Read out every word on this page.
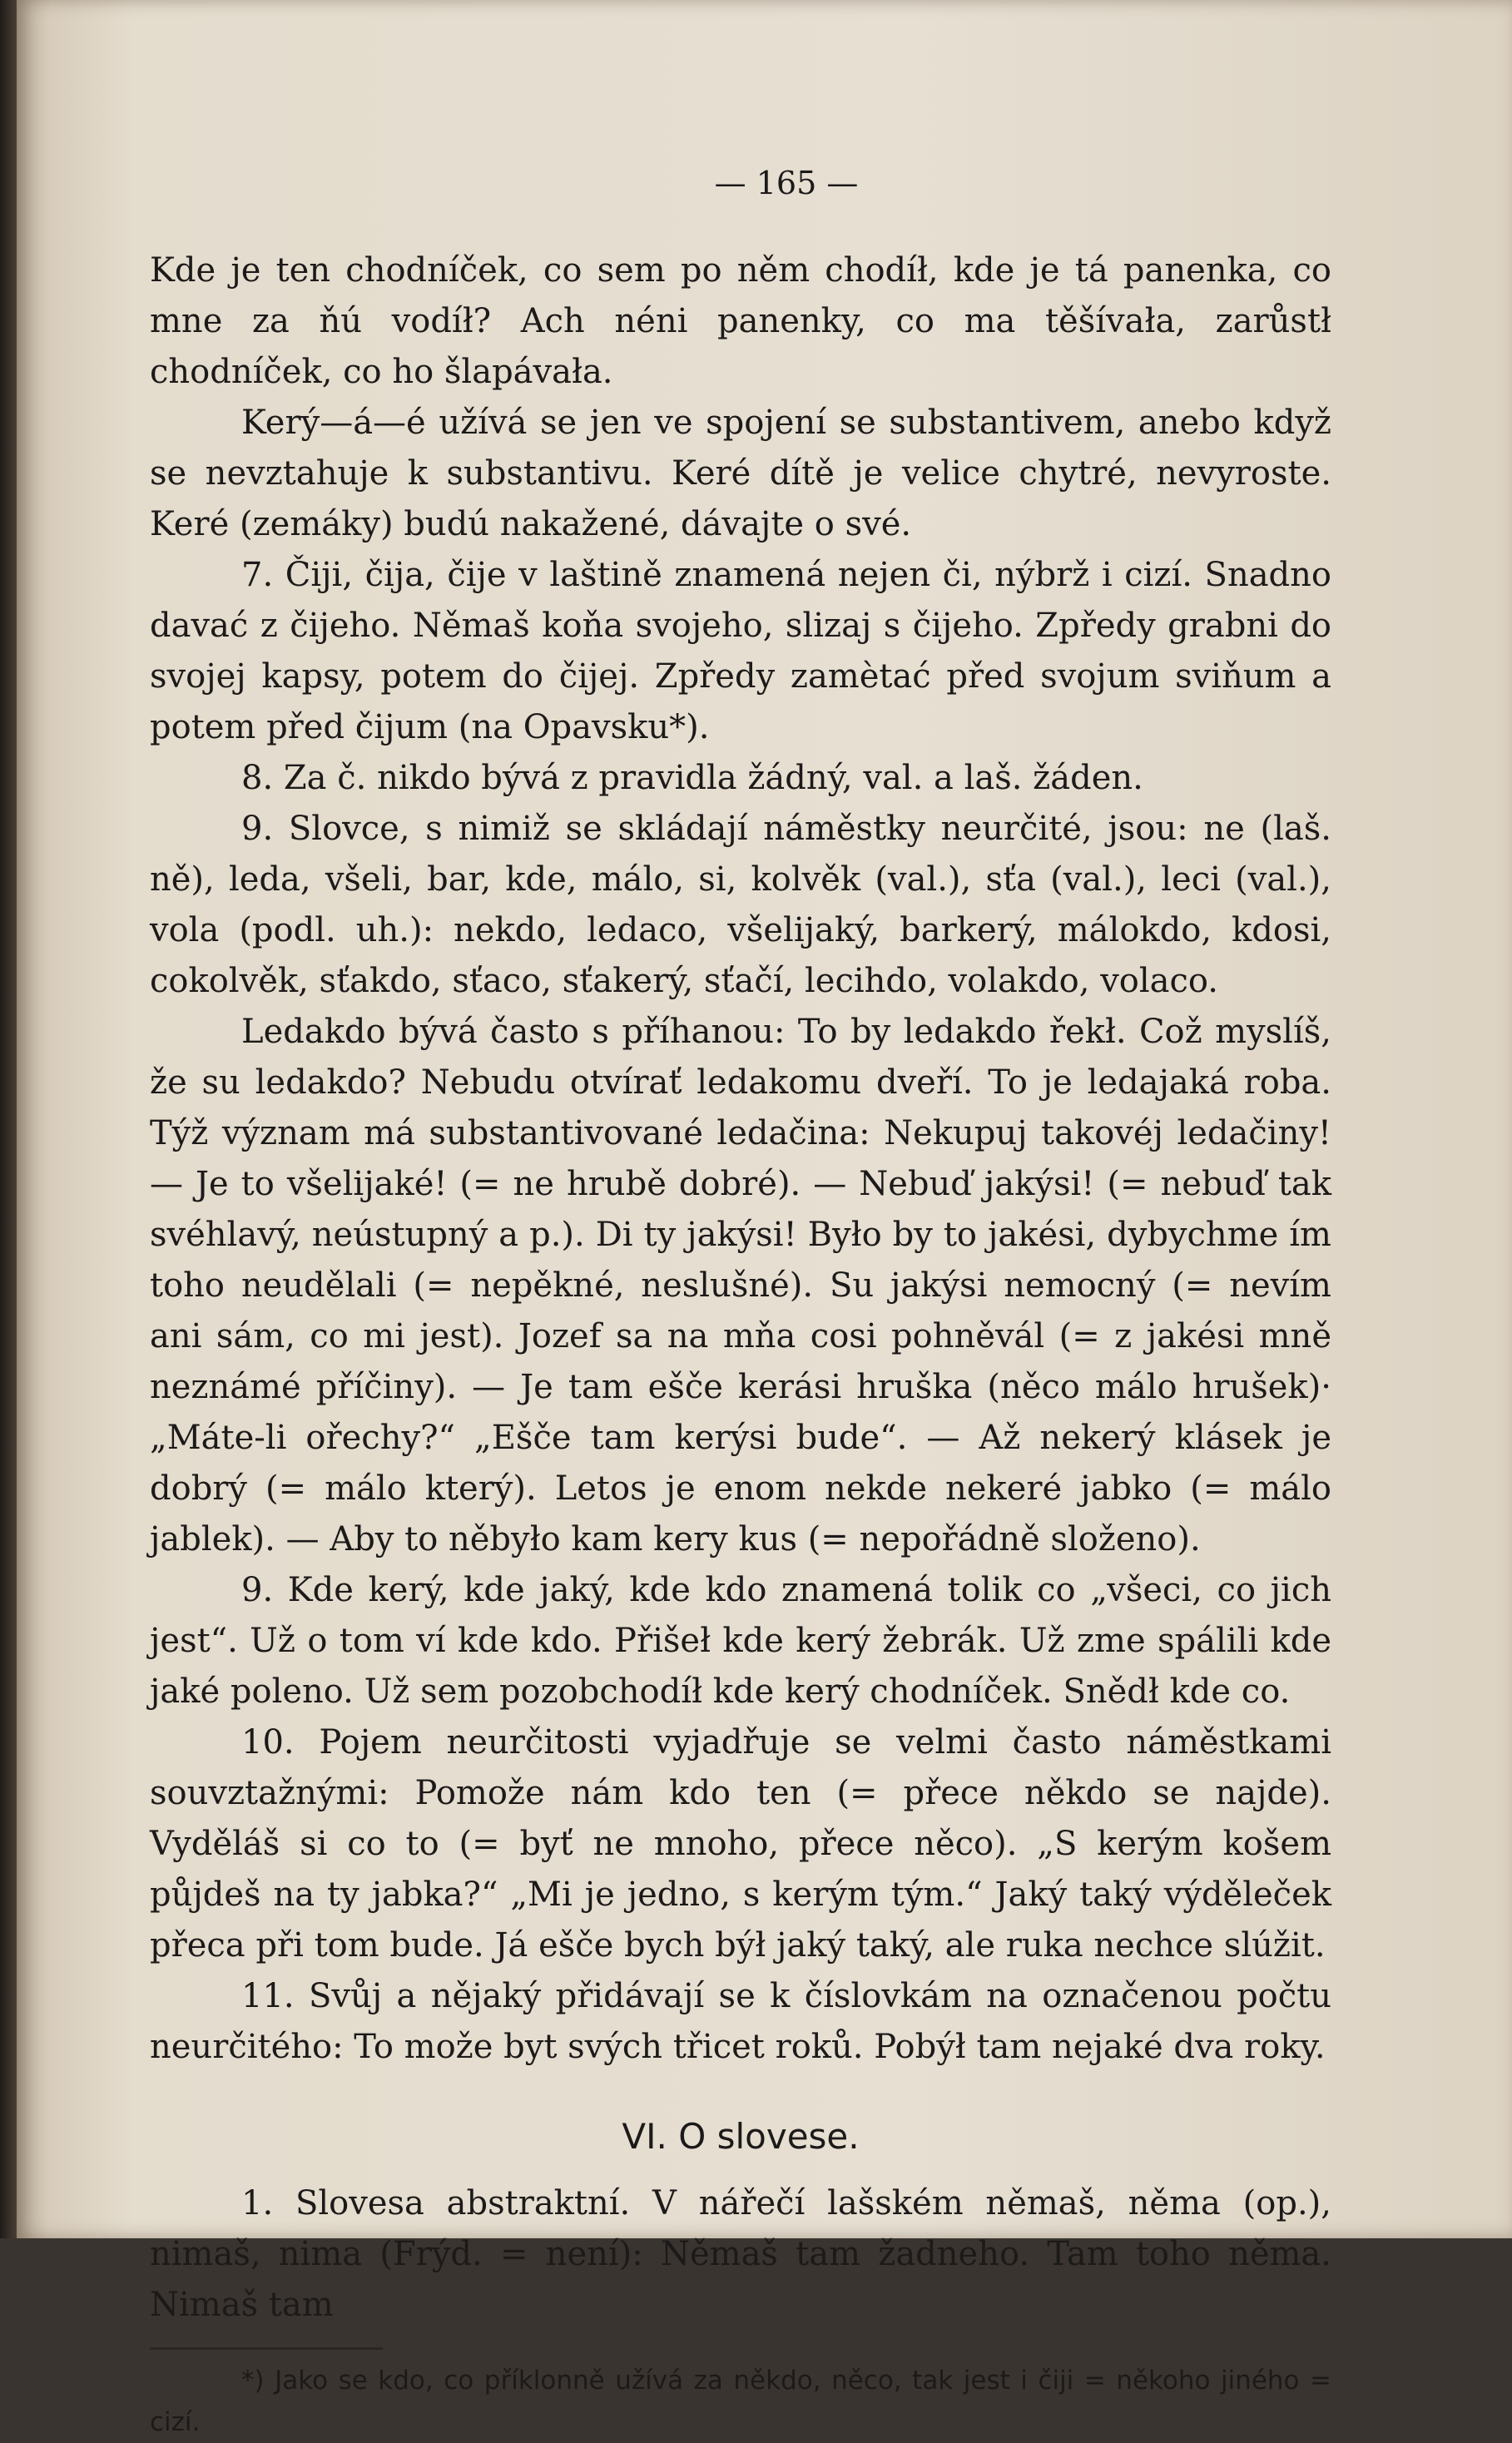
— 165 —

Kde je ten chodníček, co sem po něm chodíł, kde je tá panenka, co mne za ňú vodíł? Ach néni panenky, co ma těšívała, zarůstł chodníček, co ho šlapávała.

Kerý—á—é užívá se jen ve spojení se substantivem, anebo když se nevztahuje k substantivu. Keré dítě je velice chytré, nevyroste. Keré (zemáky) budú nakažené, dávajte o své.

7. Čiji, čija, čije v laštině znamená nejen či, nýbrž i cizí. Snadno davać z čijeho. Němaš koňa svojeho, slizaj s čijeho. Zpředy grabni do svojej kapsy, potem do čijej. Zpředy zamètać před svojum sviňum a potem před čijum (na Opavsku*).

8. Za č. nikdo bývá z pravidla žádný, val. a laš. žáden.

9. Slovce, s nimiž se skládají náměstky neurčité, jsou: ne (laš. ně), leda, všeli, bar, kde, málo, si, kolvěk (val.), sťa (val.), leci (val.), vola (podl. uh.): nekdo, ledaco, všelijaký, barkerý, málokdo, kdosi, cokolvěk, sťakdo, sťaco, sťakerý, sťačí, lecihdo, volakdo, volaco.

Ledakdo bývá často s příhanou: To by ledakdo řekł. Což myslíš, že su ledakdo? Nebudu otvírať ledakomu dveří. To je ledajaká roba. Týž význam má substantivované ledačina: Nekupuj takovéj ledačiny! — Je to všelijaké! (= ne hrubě dobré). — Nebuď jakýsi! (= nebuď tak svéhlavý, neústupný a p.). Di ty jakýsi! Było by to jakési, dybychme ím toho neudělali (= nepěkné, neslušné). Su jakýsi nemocný (= nevím ani sám, co mi jest). Jozef sa na mňa cosi pohněvál (= z jakési mně neznámé příčiny). — Je tam ešče kerási hruška (něco málo hrušek)· „Máte-li ořechy?“ „Ešče tam kerýsi bude“. — Až nekerý klásek je dobrý (= málo který). Letos je enom nekde nekeré jabko (= málo jablek). — Aby to něbyło kam kery kus (= nepořádně složeno).

9. Kde kerý, kde jaký, kde kdo znamená tolik co „všeci, co jich jest“. Už o tom ví kde kdo. Přišeł kde kerý žebrák. Už zme spálili kde jaké poleno. Už sem pozobchodíł kde kerý chodníček. Snědł kde co.

10. Pojem neurčitosti vyjadřuje se velmi často náměstkami souvztažnými: Pomože nám kdo ten (= přece někdo se najde). Vyděláš si co to (= byť ne mnoho, přece něco). „S kerým košem půjdeš na ty jabka?“ „Mi je jedno, s kerým tým.“ Jaký taký výdělеček přeca při tom bude. Já ešče bych býł jaký taký, ale ruka nechce slúžit.

11. Svůj a nějaký přidávají se k číslovkám na označenou počtu neurčitého: To može byt svých třicet roků. Pobýł tam nejaké dva roky.

VI. O slovese.

1. Slovesa abstraktní. V nářečí lašském němaš, něma (op.), nimaš, nima (Frýd. = není): Němaš tam žadneho. Tam toho něma. Nimaš tam

*) Jako se kdo, co příklonně užívá za někdo, něco, tak jest i čiji = někoho jiného = cizí.
